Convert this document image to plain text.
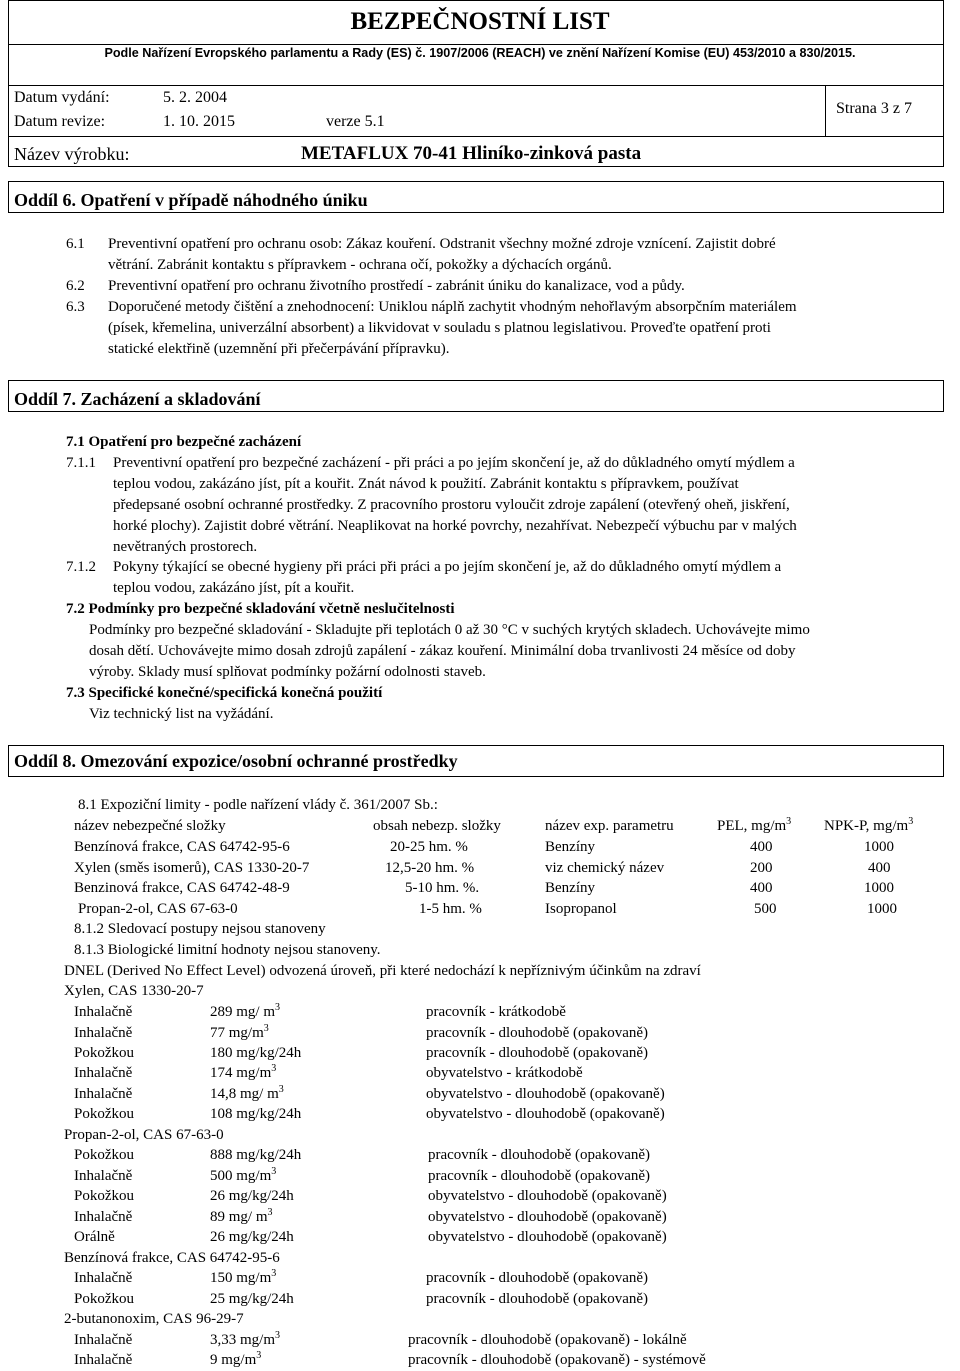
BEZPEČNOSTNÍ LIST
Podle Nařízení Evropského parlamentu a Rady (ES) č. 1907/2006 (REACH) ve znění Nařízení Komise (EU) 453/2010 a 830/2015.
Datum vydání:	5. 2. 2004
Datum revize:	1. 10. 2015	verze 5.1
Strana 3 z 7
Název výrobku:	METAFLUX 70-41 Hliníko-zinková pasta
Oddíl 6. Opatření v případě náhodného úniku
6.1 Preventivní opatření pro ochranu osob: Zákaz kouření. Odstranit všechny možné zdroje vznícení. Zajistit dobré
větrání. Zabránit kontaktu s přípravkem - ochrana očí, pokožky a dýchacích orgánů.
6.2 Preventivní opatření pro ochranu životního prostředí - zabránit úniku do kanalizace, vod a půdy.
6.3 Doporučené metody čištění a znehodnocení: Uniklou náplň zachytit vhodným nehořlavým absorpčním materiálem
(písek, křemelina, univerzální absorbent) a likvidovat v souladu s platnou legislativou. Proveďte opatření proti
statické elektřině (uzemnění při přečerpávání přípravku).
Oddíl 7. Zacházení a skladování
7.1 Opatření pro bezpečné zacházení
7.1.1 Preventivní opatření pro bezpečné zacházení - při práci a po jejím skončení je, až do důkladného omytí mýdlem a
teplou vodou, zakázáno jíst, pít a kouřit. Znát návod k použití. Zabránit kontaktu s přípravkem, používat
předepsané osobní ochranné prostředky. Z pracovního prostoru vyloučit zdroje zapálení (otevřený oheň, jiskření,
horké plochy). Zajistit dobré větrání. Neaplikovat na horké povrchy, nezahřívat. Nebezpečí výbuchu par v malých
nevětraných prostorech.
7.1.2 Pokyny týkající se obecné hygieny při práci při práci a po jejím skončení je, až do důkladného omytí mýdlem a
teplou vodou, zakázáno jíst, pít a kouřit.
7.2 Podmínky pro bezpečné skladování včetně neslučitelnosti
Podmínky pro bezpečné skladování - Skladujte při teplotách 0 až 30 °C v suchých krytých skladech. Uchovávejte mimo
dosah dětí. Uchovávejte mimo dosah zdrojů zapálení - zákaz kouření. Minimální doba trvanlivosti 24 měsíce od doby
výroby. Sklady musí splňovat podmínky požární odolnosti staveb.
7.3 Specifické konečné/specifická konečná použití
Viz technický list na vyžádání.
Oddíl 8. Omezování expozice/osobní ochranné prostředky
8.1 Expoziční limity - podle nařízení vlády č. 361/2007 Sb.:
název nebezpečné složky	obsah nebezp. složky	název exp. parametru	PEL, $mg/m^3$ NPK-P, $mg/m^3$
Benzínová frakce, CAS 64742-95-6	20-25 hm. %	Benzíny	400	1000
Xylen (směs isomerů), CAS 1330-20-7	12,5-20 hm. %	viz chemický název	200	400
Benzinová frakce, CAS 64742-48-9	5-10 hm. %.	Benzíny	400	1000
Propan-2-ol, CAS 67-63-0	1-5 hm. %	Isopropanol	500	1000
8.1.2 Sledovací postupy nejsou stanoveny
8.1.3 Biologické limitní hodnoty nejsou stanoveny.
DNEL (Derived No Effect Level) odvozená úroveň, při které nedochází k nepříznivým účinkům na zdraví
Xylen, CAS 1330-20-7
Inhalačně	289 mg/ $m^3$	pracovník - krátkodobě
Inhalačně	77 $mg/m^3$	pracovník - dlouhodobě (opakovaně)
Pokožkou	180 mg/kg/24h	pracovník - dlouhodobě (opakovaně)
Inhalačně	174 $mg/m^3$	obyvatelstvo - krátkodobě
Inhalačně	14,8 mg/ $m^3$	obyvatelstvo - dlouhodobě (opakovaně)
Pokožkou	108 mg/kg/24h	obyvatelstvo - dlouhodobě (opakovaně)
Propan-2-ol, CAS 67-63-0
Pokožkou	888 mg/kg/24h	pracovník - dlouhodobě (opakovaně)
Inhalačně	500 $mg/m^3$	pracovník - dlouhodobě (opakovaně)
Pokožkou	26 mg/kg/24h	obyvatelstvo - dlouhodobě (opakovaně)
Inhalačně	89 mg/ $m^3$	obyvatelstvo - dlouhodobě (opakovaně)
Orálně	26 mg/kg/24h	obyvatelstvo - dlouhodobě (opakovaně)
Benzínová frakce, CAS 64742-95-6
Inhalačně	150 $mg/m^3$	pracovník - dlouhodobě (opakovaně)
Pokožkou	25 mg/kg/24h	pracovník - dlouhodobě (opakovaně)
2-butanonoxim, CAS 96-29-7
Inhalačně	3,33 $mg/m^3$	pracovník - dlouhodobě (opakovaně) - lokálně
Inhalačně	9 $mg/m^3$	pracovník - dlouhodobě (opakovaně) - systémově
